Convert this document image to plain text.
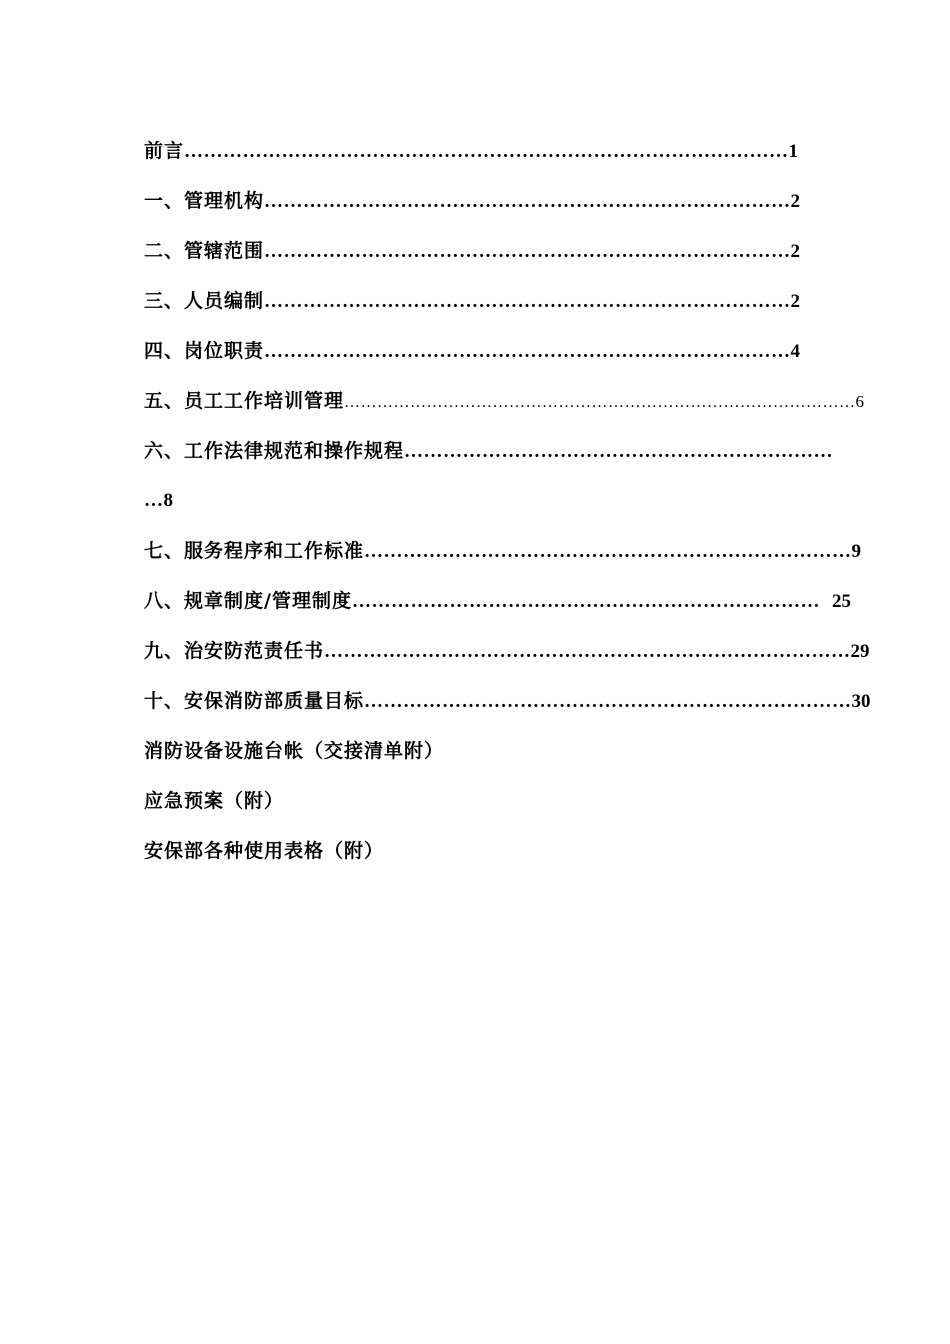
前言 ………………………………………………………………………………… 1
一、管理机构 ……………………………………………………………………… 2
二、管辖范围 ……………………………………………………………………… 2
三、人员编制 ……………………………………………………………………… 2
四、岗位职责 ……………………………………………………………………… 4
五、员工工作培训管理 ………………………………………………………………………………… 6
六、工作法律规范和操作规程 …………………………………………………………
… 8
七、服务程序和工作标准 ………………………………………………………………… 9
八、规章制度/管理制度 ……………………………………………………………… 25
九、治安防范责任书 ……………………………………………………………………… 29
十、安保消防部质量目标 ………………………………………………………………… 30
消防设备设施台帐（交接清单附）
应急预案（附）
安保部各种使用表格（附）
